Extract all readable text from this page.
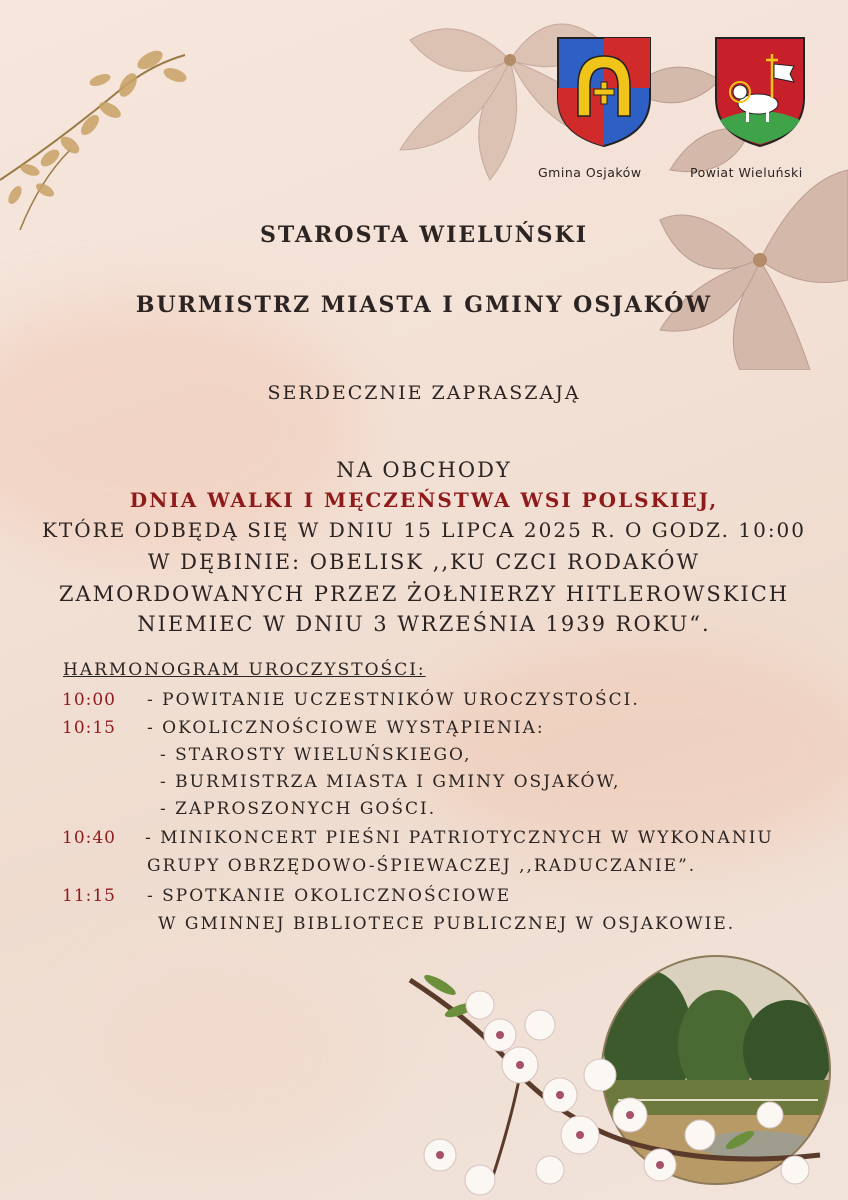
Gmina Osjaków	Powiat Wieluński
STAROSTA WIELUŃSKI
BURMISTRZ MIASTA I GMINY OSJAKÓW
SERDECZNIE ZAPRASZAJĄ
NA OBCHODY
DNIA WALKI I MĘCZEŃSTWA WSI POLSKIEJ,
KTÓRE ODBĘDĄ SIĘ W DNIU 15 LIPCA 2025 R. O GODZ. 10:00
W DĘBINIE: OBELISK ,,KU CZCI RODAKÓW
ZAMORDOWANYCH PRZEZ ŻOŁNIERZY HITLEROWSKICH
NIEMIEC W DNIU 3 WRZEŚNIA 1939 ROKU“.
HARMONOGRAM UROCZYSTOŚCI:
10:00 - POWITANIE UCZESTNIKÓW UROCZYSTOŚCI.
10:15 - OKOLICZNOŚCIOWE WYSTĄPIENIA:
- STAROSTY WIELUŃSKIEGO,
- BURMISTRZA MIASTA I GMINY OSJAKÓW,
- ZAPROSZONYCH GOŚCI.
10:40 - MINIKONCERT PIEŚNI PATRIOTYCZNYCH W WYKONANIU
GRUPY OBRZĘDOWO-ŚPIEWACZEJ ,,RADUCZANIE”.
11:15 - SPOTKANIE OKOLICZNOŚCIOWE
W GMINNEJ BIBLIOTECE PUBLICZNEJ W OSJAKOWIE.
